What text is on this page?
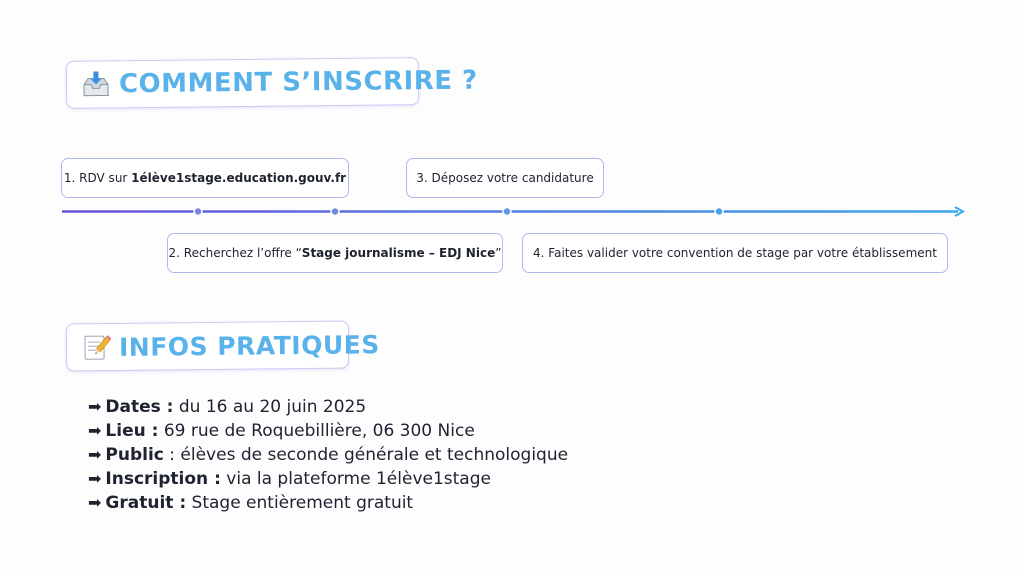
COMMENT S’INSCRIRE ?
1. RDV sur 1élève1stage.education.gouv.fr	3. Déposez votre candidature
2. Recherchez l’offre “ Stage journalisme – EDJ Nice ”	4. Faites valider votre convention de stage par votre établissement
INFOS PRATIQUES
➡ Dates : du 16 au 20 juin 2025
➡ Lieu : 69 rue de Roquebillière, 06 300 Nice
➡ Public : élèves de seconde générale et technologique
➡ Inscription : via la plateforme 1élève1stage
➡ Gratuit : Stage entièrement gratuit
